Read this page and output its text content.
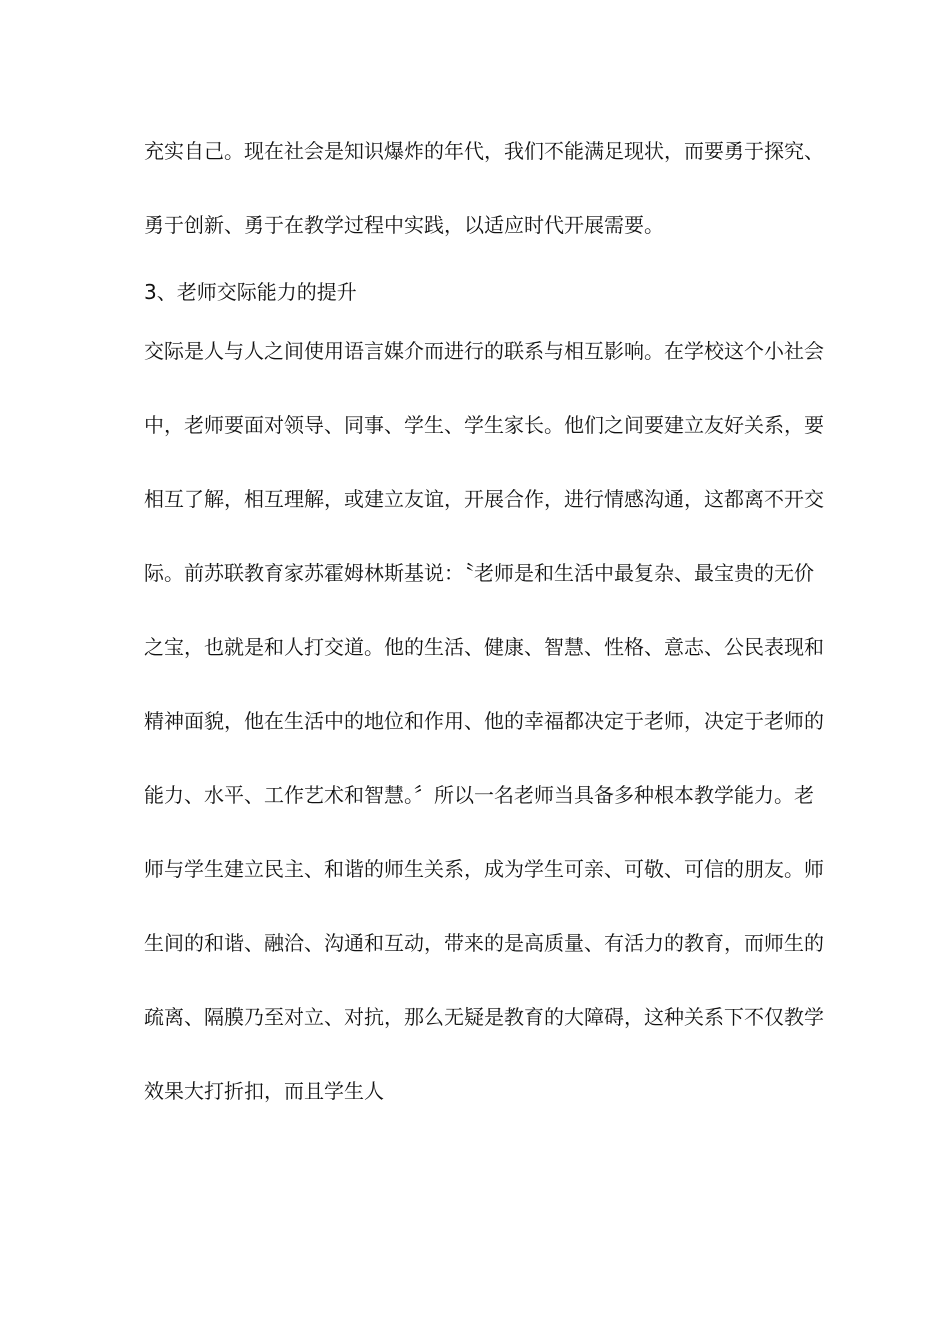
充实自己。现在社会是知识爆炸的年代，我们不能满足现状，而要勇于探究、
勇于创新、勇于在教学过程中实践，以适应时代开展需要。
3、老师交际能力的提升
交际是人与人之间使用语言媒介而进行的联系与相互影响。在学校这个小社会
中，老师要面对领导、同事、学生、学生家长。他们之间要建立友好关系，要
相互了解，相互理解，或建立友谊，开展合作，进行情感沟通，这都离不开交
际。前苏联教育家苏霍姆林斯基说：〝老师是和生活中最复杂、最宝贵的无价
之宝，也就是和人打交道。他的生活、健康、智慧、性格、意志、公民表现和
精神面貌，他在生活中的地位和作用、他的幸福都决定于老师，决定于老师的
能力、水平、工作艺术和智慧。〞所以一名老师当具备多种根本教学能力。老
师与学生建立民主、和谐的师生关系，成为学生可亲、可敬、可信的朋友。师
生间的和谐、融洽、沟通和互动，带来的是高质量、有活力的教育，而师生的
疏离、隔膜乃至对立、对抗，那么无疑是教育的大障碍，这种关系下不仅教学
效果大打折扣，而且学生人
